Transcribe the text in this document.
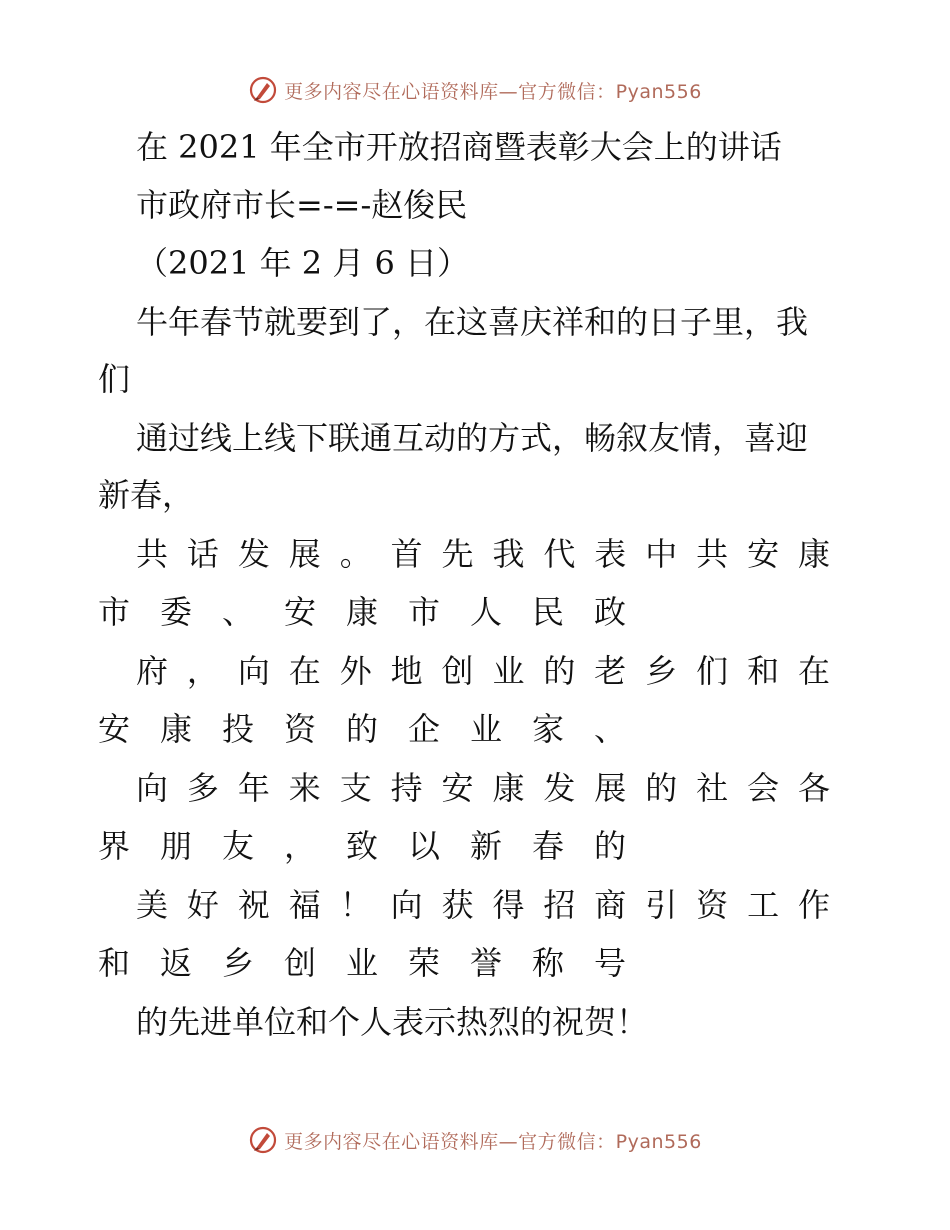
更多内容尽在心语资料库—官方微信：Pyan556
在 2021 年全市开放招商暨表彰大会上的讲话
市政府市长=-=-赵俊民
（2021 年 2 月 6 日）
牛年春节就要到了，在这喜庆祥和的日子里，我
们
通过线上线下联通互动的方式，畅叙友情，喜迎
新春，
共 话 发 展 。 首 先 我 代 表 中 共 安 康
市委、安康市人民政
府 ， 向 在 外 地 创 业 的 老 乡 们 和 在
安康投资的企业家、
向 多 年 来 支 持 安 康 发 展 的 社 会 各
界朋友，致以新春的
美 好 祝 福 ！ 向 获 得 招 商 引 资 工 作
和返乡创业荣誉称号
的先进单位和个人表示热烈的祝贺！
更多内容尽在心语资料库—官方微信：Pyan556
